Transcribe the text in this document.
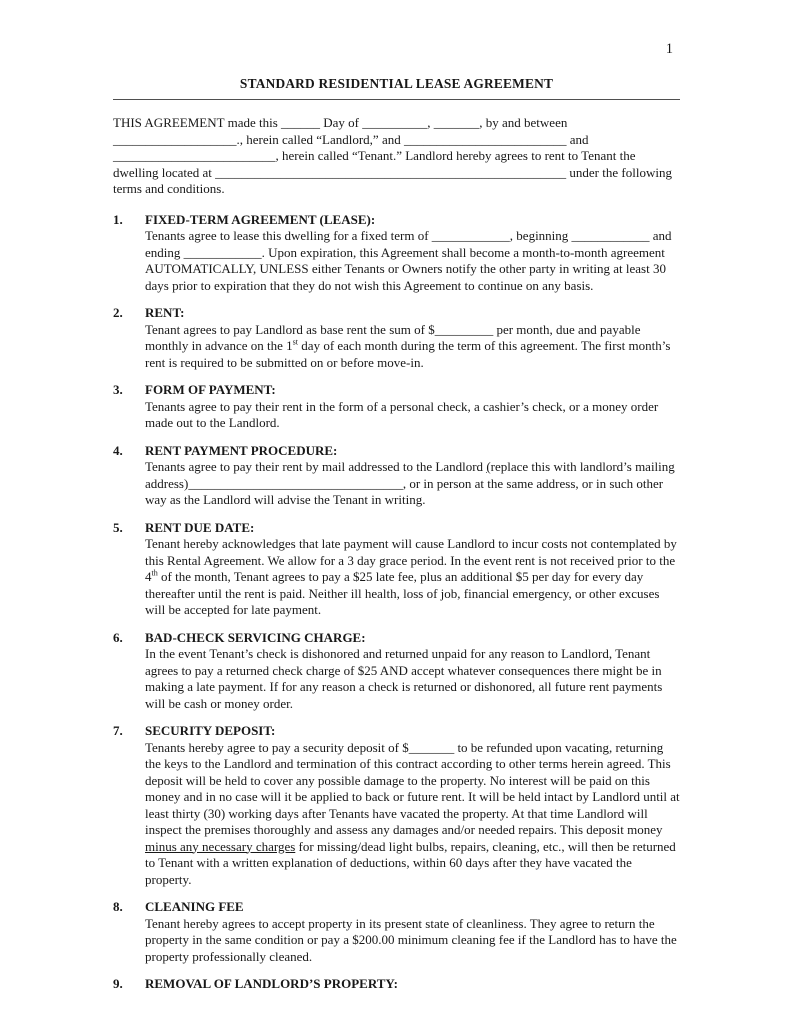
1
STANDARD RESIDENTIAL LEASE AGREEMENT

THIS AGREEMENT made this ______ Day of __________, _______, by and between ___________________., herein called “Landlord,” and _________________________ and _________________________, herein called “Tenant.” Landlord hereby agrees to rent to Tenant the dwelling located at ______________________________________________________ under the following terms and conditions.

1.	FIXED-TERM AGREEMENT (LEASE):

Tenants agree to lease this dwelling for a fixed term of ____________, beginning ____________ and ending ____________. Upon expiration, this Agreement shall become a month-to-month agreement AUTOMATICALLY, UNLESS either Tenants or Owners notify the other party in writing at least 30 days prior to expiration that they do not wish this Agreement to continue on any basis.

2.	RENT:

Tenant agrees to pay Landlord as base rent the sum of $_________ per month, due and payable monthly in advance on the 1st day of each month during the term of this agreement. The first month’s rent is required to be submitted on or before move-in.

3.	FORM OF PAYMENT:

Tenants agree to pay their rent in the form of a personal check, a cashier’s check, or a money order made out to the Landlord.

4.	RENT PAYMENT PROCEDURE:

Tenants agree to pay their rent by mail addressed to the Landlord (replace this with landlord’s mailing address)_________________________________, or in person at the same address, or in such other way as the Landlord will advise the Tenant in writing.

5.	RENT DUE DATE:

Tenant hereby acknowledges that late payment will cause Landlord to incur costs not contemplated by this Rental Agreement. We allow for a 3 day grace period. In the event rent is not received prior to the 4th of the month, Tenant agrees to pay a $25 late fee, plus an additional $5 per day for every day thereafter until the rent is paid. Neither ill health, loss of job, financial emergency, or other excuses will be accepted for late payment.

6.	BAD-CHECK SERVICING CHARGE:

In the event Tenant’s check is dishonored and returned unpaid for any reason to Landlord, Tenant agrees to pay a returned check charge of $25 AND accept whatever consequences there might be in making a late payment. If for any reason a check is returned or dishonored, all future rent payments will be cash or money order.

7.	SECURITY DEPOSIT:

Tenants hereby agree to pay a security deposit of $_______ to be refunded upon vacating, returning the keys to the Landlord and termination of this contract according to other terms herein agreed. This deposit will be held to cover any possible damage to the property. No interest will be paid on this money and in no case will it be applied to back or future rent. It will be held intact by Landlord until at least thirty (30) working days after Tenants have vacated the property. At that time Landlord will inspect the premises thoroughly and assess any damages and/or needed repairs. This deposit money minus any necessary charges for missing/dead light bulbs, repairs, cleaning, etc., will then be returned to Tenant with a written explanation of deductions, within 60 days after they have vacated the property.

8.	CLEANING FEE

Tenant hereby agrees to accept property in its present state of cleanliness. They agree to return the property in the same condition or pay a $200.00 minimum cleaning fee if the Landlord has to have the property professionally cleaned.

9.	REMOVAL OF LANDLORD’S PROPERTY:
